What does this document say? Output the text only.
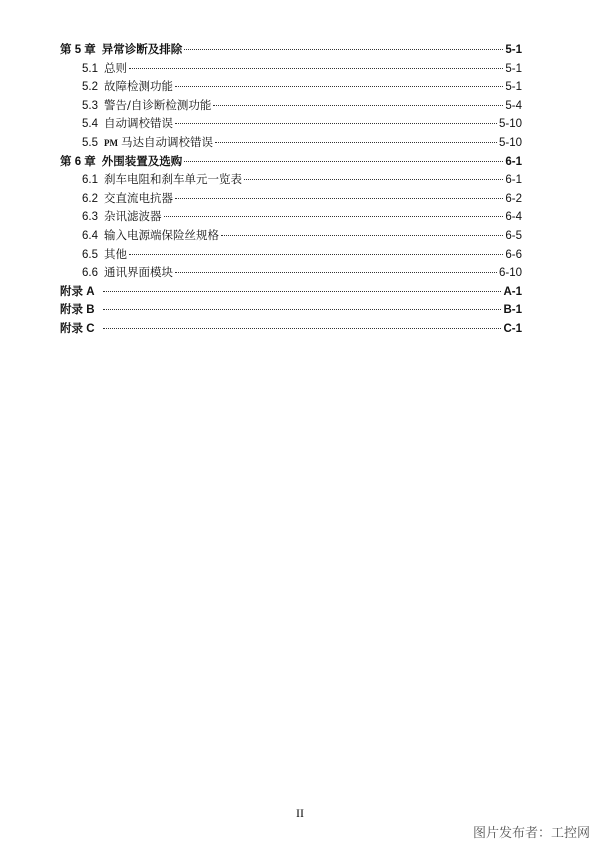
第 5 章 异常诊断及排除	5-1
5.1 总则	5-1
5.2 故障检测功能	5-1
5.3 警告/自诊断检测功能	5-4
5.4 自动调校错误	5-10
5.5 PM 马达自动调校错误	5-10
第 6 章 外围装置及选购	6-1
6.1 刹车电阻和刹车单元一览表	6-1
6.2 交直流电抗器	6-2
6.3 杂讯滤波器	6-4
6.4 输入电源端保险丝规格	6-5
6.5 其他	6-6
6.6 通讯界面模块	6-10
附录 A	A-1
附录 B	B-1
附录 C	C-1
II
图片发布者：工控网
